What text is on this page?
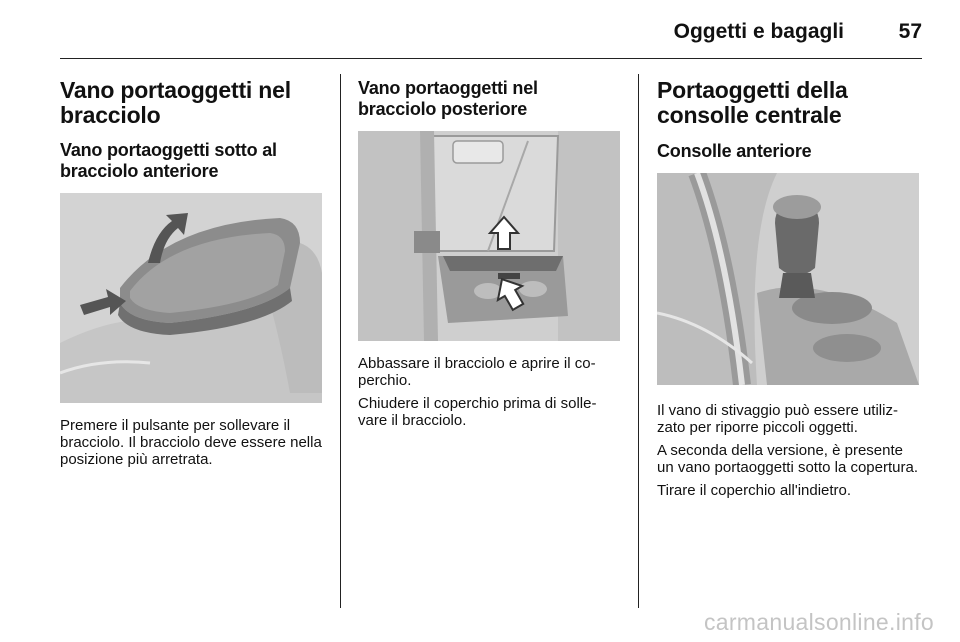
Oggetti e bagagli	57
Vano portaoggetti nel bracciolo
Vano portaoggetti sotto al bracciolo anteriore

Premere il pulsante per sollevare il bracciolo. Il bracciolo deve essere nella posizione più arretrata.

Vano portaoggetti nel bracciolo posteriore

Abbassare il bracciolo e aprire il coperchio.

Chiudere il coperchio prima di sollevare il bracciolo.

Portaoggetti della consolle centrale
Consolle anteriore

Il vano di stivaggio può essere utilizzato per riporre piccoli oggetti.

A seconda della versione, è presente un vano portaoggetti sotto la copertura.

Tirare il coperchio all'indietro.

carmanualsonline.info
